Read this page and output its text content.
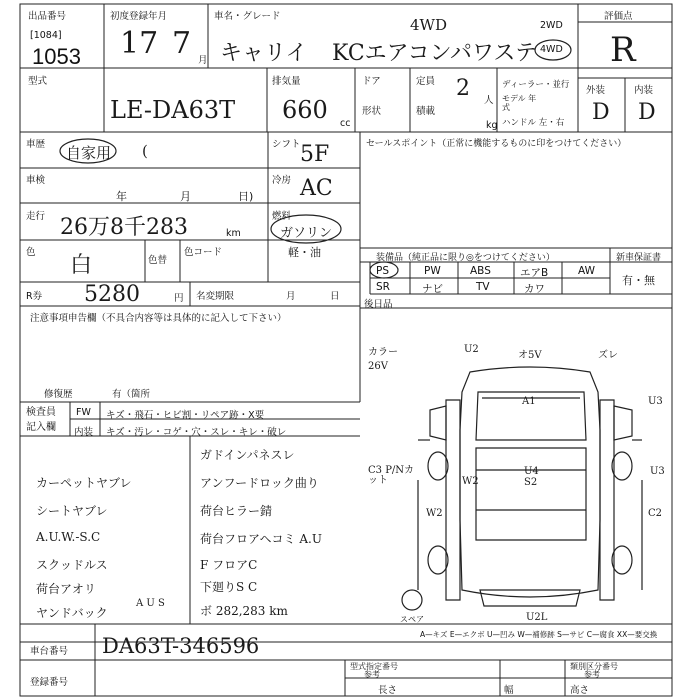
出品番号
[1084]
1053
初度登録年月
17 7 月
車名・グレード	4WD
キャリイ KCエアコンパワステ
2WD
4WD
評価点
R
型式
LE-DA63T
排気量
660 cc
ドア	定員 2 人
形状	積載
kg
ディーラー・並行
モデル 年式
ハンドル 左・右
外装	内装
D D
車歴 自家用 (	シフト 5F
車検
年	月	日)
冷房 AC
走行 26万8千283	km
燃料
ガソリン
軽・油
色
白	色替
色コード
R券 5280	円 名変期限	月	日
セールスポイント（正常に機能するものに印をつけてください）
装備品（純正品に限り◎をつけてください）	新車保証書
有・無
PS	PW	ABS	エアB	AW
SR	ナビ	TV	カワ
後日品
注意事項申告欄（不具合内容等は具体的に記入して下さい）
修復歴	有（箇所
検査員 記入欄
FW キズ・飛石・ヒビ割・リペア跡・X要
内装 キズ・汚レ・コゲ・穴・スレ・キレ・破レ
ガドインパネスレ
アンフードロック曲り
荷台ヒラー錆
荷台フロアヘコミ A.U
F フロアC
下廻りS C
ボ 282,283 km
カーペットヤブレ
シートヤブレ
A.U.W.-S.C
スクッドルス
荷台アオリ
ヤンドバック
A U S
カラー 26V
U2
オ5V	ズレ
A1	U3
C3 P/Nカット	W2
U4 S2
U3
C2
W2
スペア	U2L
A—キズ E—エクボ U—凹み W—補修跡 S—サビ C—腐食 XX—要交換
車台番号 DA63T-346596
登録番号
型式指定番号
参考
類別区分番号
参考
長さ	幅	高さ
